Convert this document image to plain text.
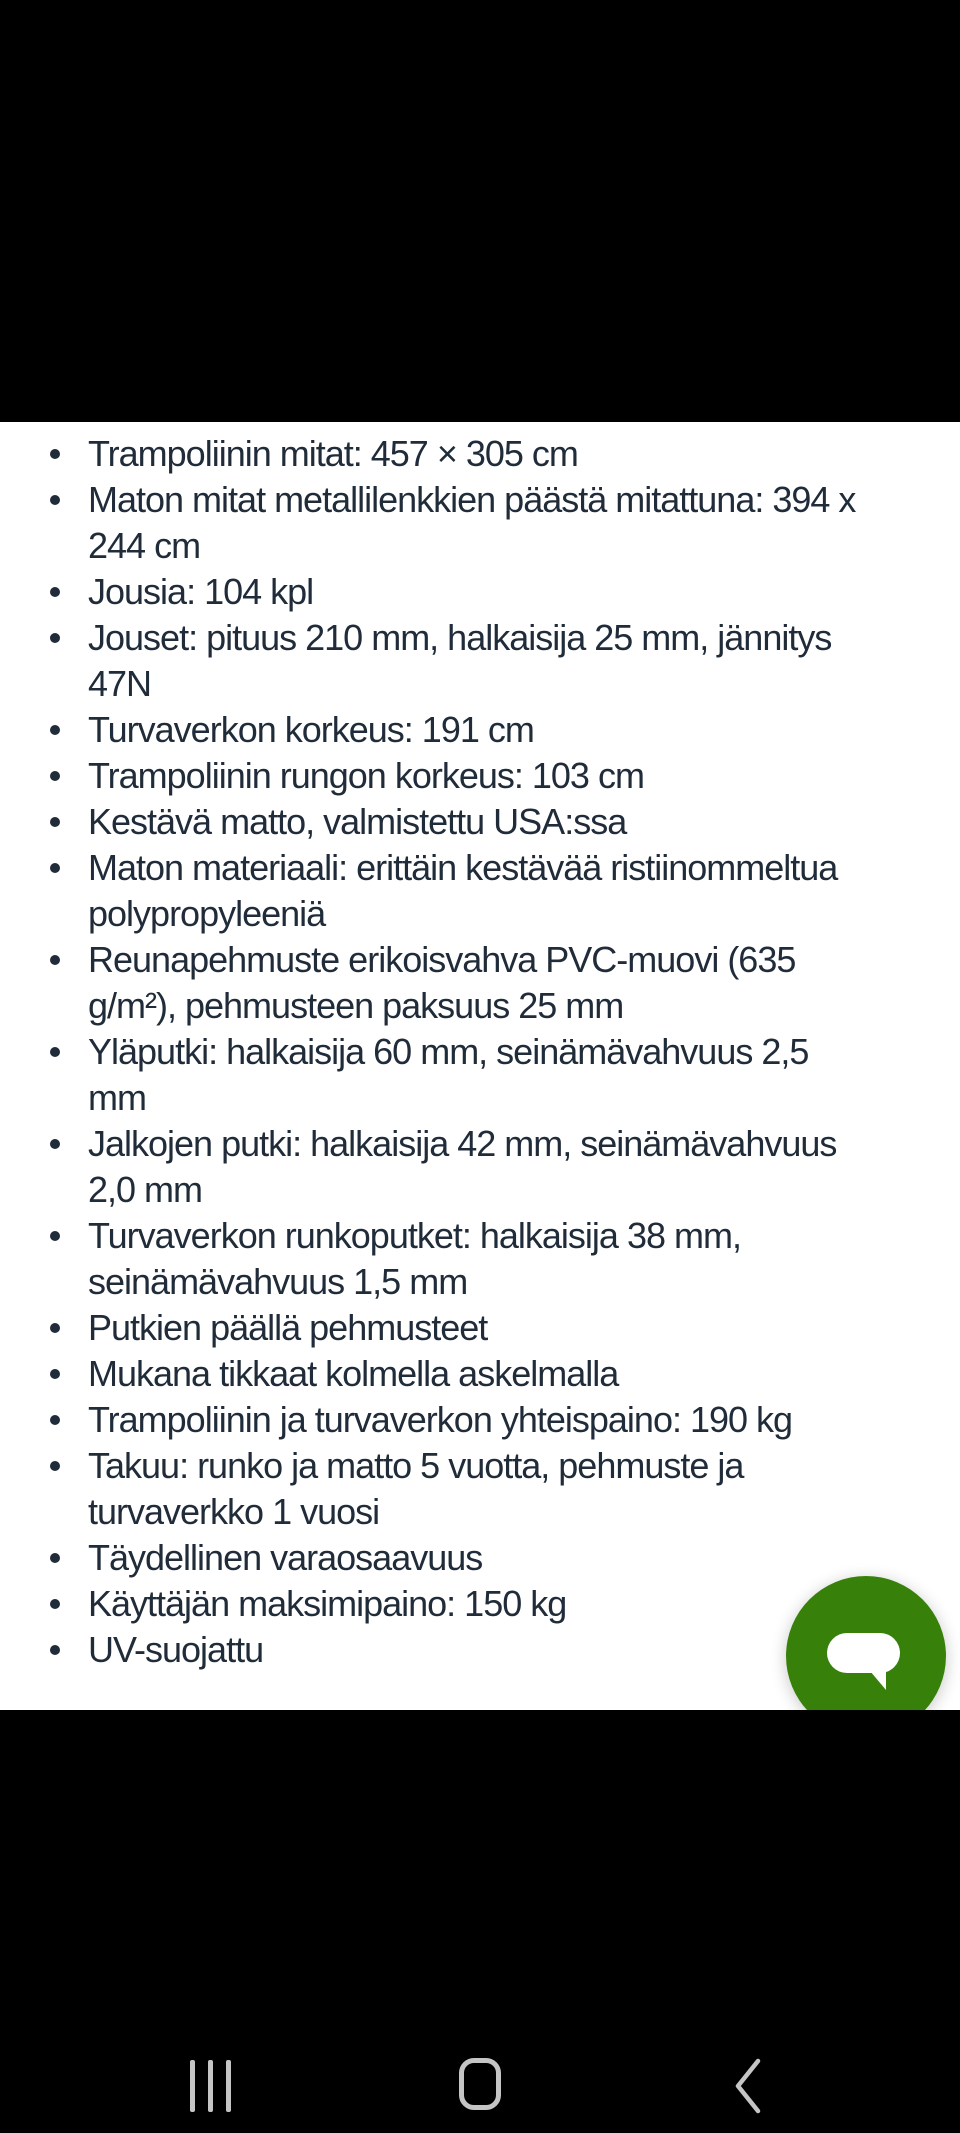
Trampoliinin mitat: 457 × 305 cm
Maton mitat metallilenkkien päästä mitattuna: 394 x 244 cm
Jousia: 104 kpl
Jouset: pituus 210 mm, halkaisija 25 mm, jännitys 47N
Turvaverkon korkeus: 191 cm
Trampoliinin rungon korkeus: 103 cm
Kestävä matto, valmistettu USA:ssa
Maton materiaali: erittäin kestävää ristiinommeltua polypropyleeniä
Reunapehmuste erikoisvahva PVC-muovi (635 g/m²), pehmusteen paksuus 25 mm
Yläputki: halkaisija 60 mm, seinämävahvuus 2,5 mm
Jalkojen putki: halkaisija 42 mm, seinämävahvuus 2,0 mm
Turvaverkon runkoputket: halkaisija 38 mm, seinämävahvuus 1,5 mm
Putkien päällä pehmusteet
Mukana tikkaat kolmella askelmalla
Trampoliinin ja turvaverkon yhteispaino: 190 kg
Takuu: runko ja matto 5 vuotta, pehmuste ja turvaverkko 1 vuosi
Täydellinen varaosaavuus
Käyttäjän maksimipaino: 150 kg
UV-suojattu
